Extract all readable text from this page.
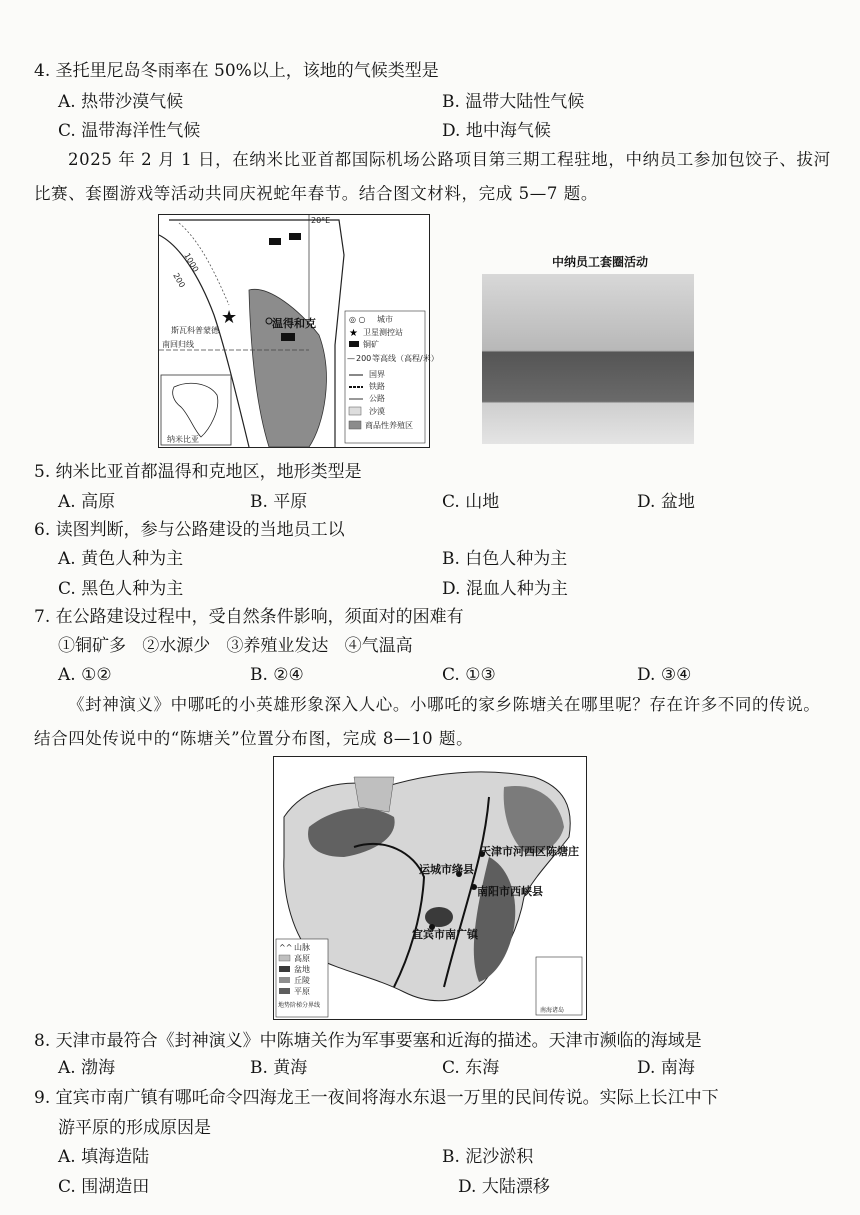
4. 圣托里尼岛冬雨率在 50%以上，该地的气候类型是
A. 热带沙漠气候	B. 温带大陆性气候
C. 温带海洋性气候	D. 地中海气候
2025 年 2 月 1 日，在纳米比亚首都国际机场公路项目第三期工程驻地，中纳员工参加包饺子、拔河比赛、套圈游戏等活动共同庆祝蛇年春节。结合图文材料，完成 5—7 题。
20°E
1000
200
★	温得和克
斯瓦科普蒙德
南回归线
纳米比亚
◎ ○ 城市
★ 卫星测控站
铜矿
— 200 等高线（高程/米）
国界
铁路
公路
沙漠
商品性养殖区
中纳员工套圈活动
5. 纳米比亚首都温得和克地区，地形类型是
A. 高原	B. 平原	C. 山地	D. 盆地
6. 读图判断，参与公路建设的当地员工以
A. 黄色人种为主	B. 白色人种为主
C. 黑色人种为主	D. 混血人种为主
7. 在公路建设过程中，受自然条件影响，须面对的困难有
①铜矿多   ②水源少   ③养殖业发达   ④气温高
A. ①②	B. ②④	C. ①③	D. ③④
《封神演义》中哪吒的小英雄形象深入人心。小哪吒的家乡陈塘关在哪里呢？存在许多不同的传说。结合四处传说中的“陈塘关”位置分布图，完成 8—10 题。
天津市河西区陈塘庄
运城市绛县
南阳市西峡县
宜宾市南广镇
^^ 山脉
高原
盆地
丘陵
平原
地势阶梯分界线
南海诸岛
8. 天津市最符合《封神演义》中陈塘关作为军事要塞和近海的描述。天津市濒临的海域是
A. 渤海	B. 黄海	C. 东海	D. 南海
9. 宜宾市南广镇有哪吒命令四海龙王一夜间将海水东退一万里的民间传说。实际上长江中下
游平原的形成原因是
A. 填海造陆	B. 泥沙淤积
C. 围湖造田	D. 大陆漂移
